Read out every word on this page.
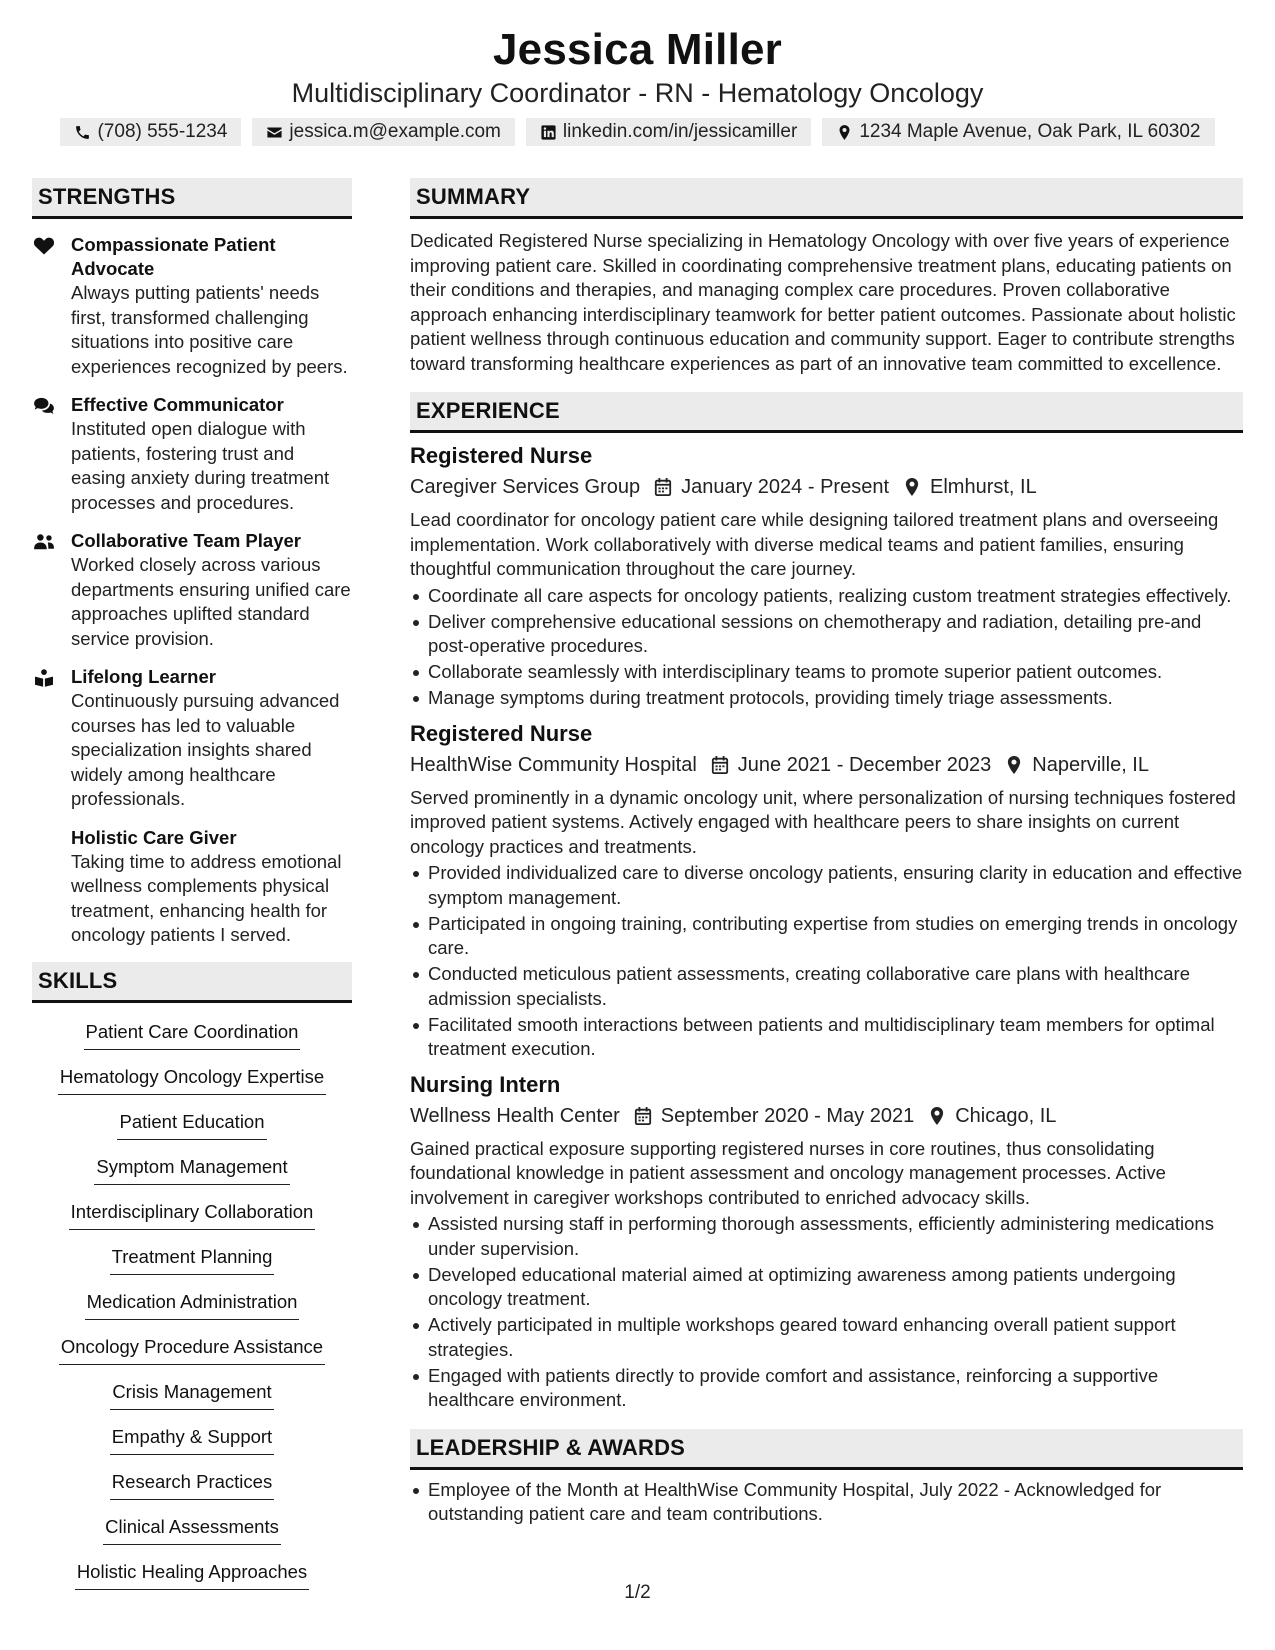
Jessica Miller
Multidisciplinary Coordinator - RN - Hematology Oncology
(708) 555-1234	jessica.m@example.com	linkedin.com/in/jessicamiller	1234 Maple Avenue, Oak Park, IL 60302
STRENGTHS
Compassionate Patient Advocate
Always putting patients' needs first, transformed challenging situations into positive care experiences recognized by peers.
Effective Communicator
Instituted open dialogue with patients, fostering trust and easing anxiety during treatment processes and procedures.
Collaborative Team Player
Worked closely across various departments ensuring unified care approaches uplifted standard service provision.
Lifelong Learner
Continuously pursuing advanced courses has led to valuable specialization insights shared widely among healthcare professionals.
Holistic Care Giver
Taking time to address emotional wellness complements physical treatment, enhancing health for oncology patients I served.
SKILLS
Patient Care Coordination
Hematology Oncology Expertise
Patient Education
Symptom Management
Interdisciplinary Collaboration
Treatment Planning
Medication Administration
Oncology Procedure Assistance
Crisis Management
Empathy & Support
Research Practices
Clinical Assessments
Holistic Healing Approaches
SUMMARY
Dedicated Registered Nurse specializing in Hematology Oncology with over five years of experience improving patient care. Skilled in coordinating comprehensive treatment plans, educating patients on their conditions and therapies, and managing complex care procedures. Proven collaborative approach enhancing interdisciplinary teamwork for better patient outcomes. Passionate about holistic patient wellness through continuous education and community support. Eager to contribute strengths toward transforming healthcare experiences as part of an innovative team committed to excellence.
EXPERIENCE
Registered Nurse
Caregiver Services Group January 2024 - Present Elmhurst, IL
Lead coordinator for oncology patient care while designing tailored treatment plans and overseeing implementation. Work collaboratively with diverse medical teams and patient families, ensuring thoughtful communication throughout the care journey.
Coordinate all care aspects for oncology patients, realizing custom treatment strategies effectively.
Deliver comprehensive educational sessions on chemotherapy and radiation, detailing pre-and post-operative procedures.
Collaborate seamlessly with interdisciplinary teams to promote superior patient outcomes.
Manage symptoms during treatment protocols, providing timely triage assessments.
Registered Nurse
HealthWise Community Hospital June 2021 - December 2023 Naperville, IL
Served prominently in a dynamic oncology unit, where personalization of nursing techniques fostered improved patient systems. Actively engaged with healthcare peers to share insights on current oncology practices and treatments.
Provided individualized care to diverse oncology patients, ensuring clarity in education and effective symptom management.
Participated in ongoing training, contributing expertise from studies on emerging trends in oncology care.
Conducted meticulous patient assessments, creating collaborative care plans with healthcare admission specialists.
Facilitated smooth interactions between patients and multidisciplinary team members for optimal treatment execution.
Nursing Intern
Wellness Health Center September 2020 - May 2021 Chicago, IL
Gained practical exposure supporting registered nurses in core routines, thus consolidating foundational knowledge in patient assessment and oncology management processes. Active involvement in caregiver workshops contributed to enriched advocacy skills.
Assisted nursing staff in performing thorough assessments, efficiently administering medications under supervision.
Developed educational material aimed at optimizing awareness among patients undergoing oncology treatment.
Actively participated in multiple workshops geared toward enhancing overall patient support strategies.
Engaged with patients directly to provide comfort and assistance, reinforcing a supportive healthcare environment.
LEADERSHIP & AWARDS
Employee of the Month at HealthWise Community Hospital, July 2022 - Acknowledged for outstanding patient care and team contributions.
1/2
